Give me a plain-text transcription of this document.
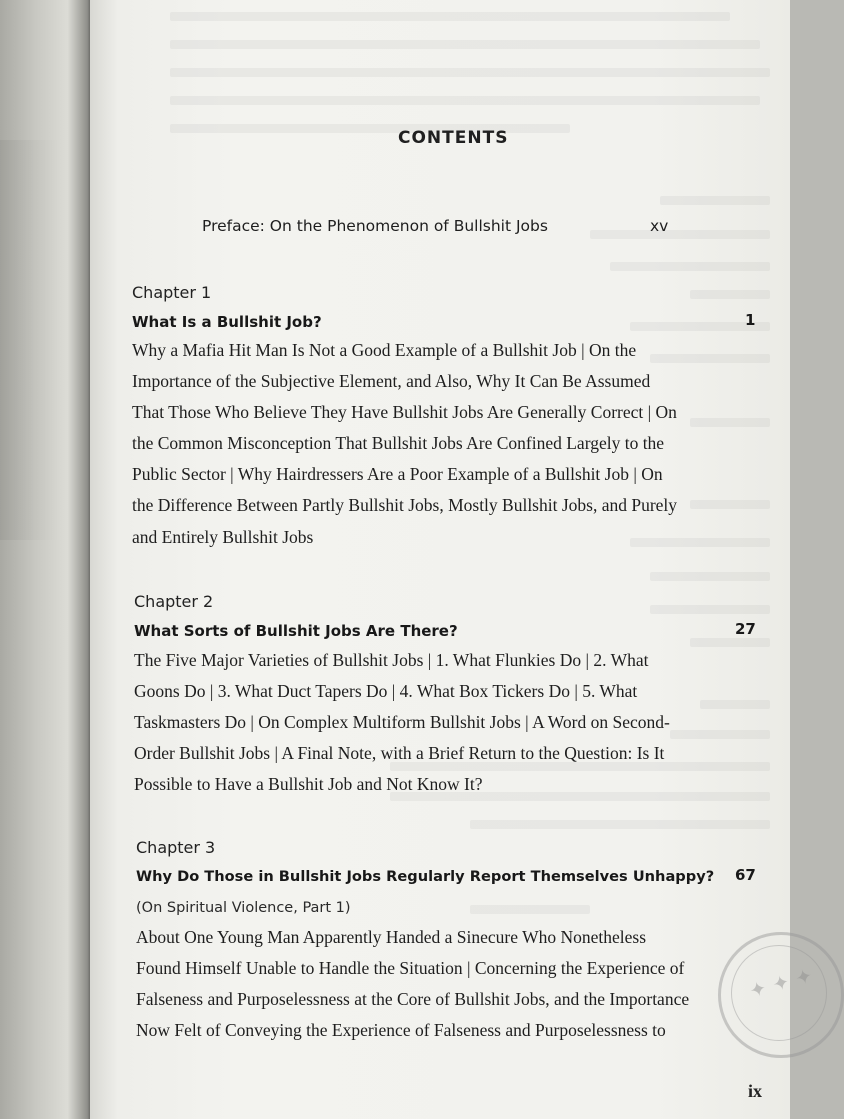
CONTENTS
Preface: On the Phenomenon of Bullshit Jobs	xv
Chapter 1
What Is a Bullshit Job?	1
Why a Mafia Hit Man Is Not a Good Example of a Bullshit Job | On the
Importance of the Subjective Element, and Also, Why It Can Be Assumed
That Those Who Believe They Have Bullshit Jobs Are Generally Correct | On
the Common Misconception That Bullshit Jobs Are Confined Largely to the
Public Sector | Why Hairdressers Are a Poor Example of a Bullshit Job | On
the Difference Between Partly Bullshit Jobs, Mostly Bullshit Jobs, and Purely
and Entirely Bullshit Jobs
Chapter 2
What Sorts of Bullshit Jobs Are There?	27
The Five Major Varieties of Bullshit Jobs | 1. What Flunkies Do | 2. What
Goons Do | 3. What Duct Tapers Do | 4. What Box Tickers Do | 5. What
Taskmasters Do | On Complex Multiform Bullshit Jobs | A Word on Second-
Order Bullshit Jobs | A Final Note, with a Brief Return to the Question: Is It
Possible to Have a Bullshit Job and Not Know It?
Chapter 3
Why Do Those in Bullshit Jobs Regularly Report Themselves Unhappy? 67
(On Spiritual Violence, Part 1)
About One Young Man Apparently Handed a Sinecure Who Nonetheless
Found Himself Unable to Handle the Situation | Concerning the Experience of
Falseness and Purposelessness at the Core of Bullshit Jobs, and the Importance
Now Felt of Conveying the Experience of Falseness and Purposelessness to
✦ ✦ ✦
ix
